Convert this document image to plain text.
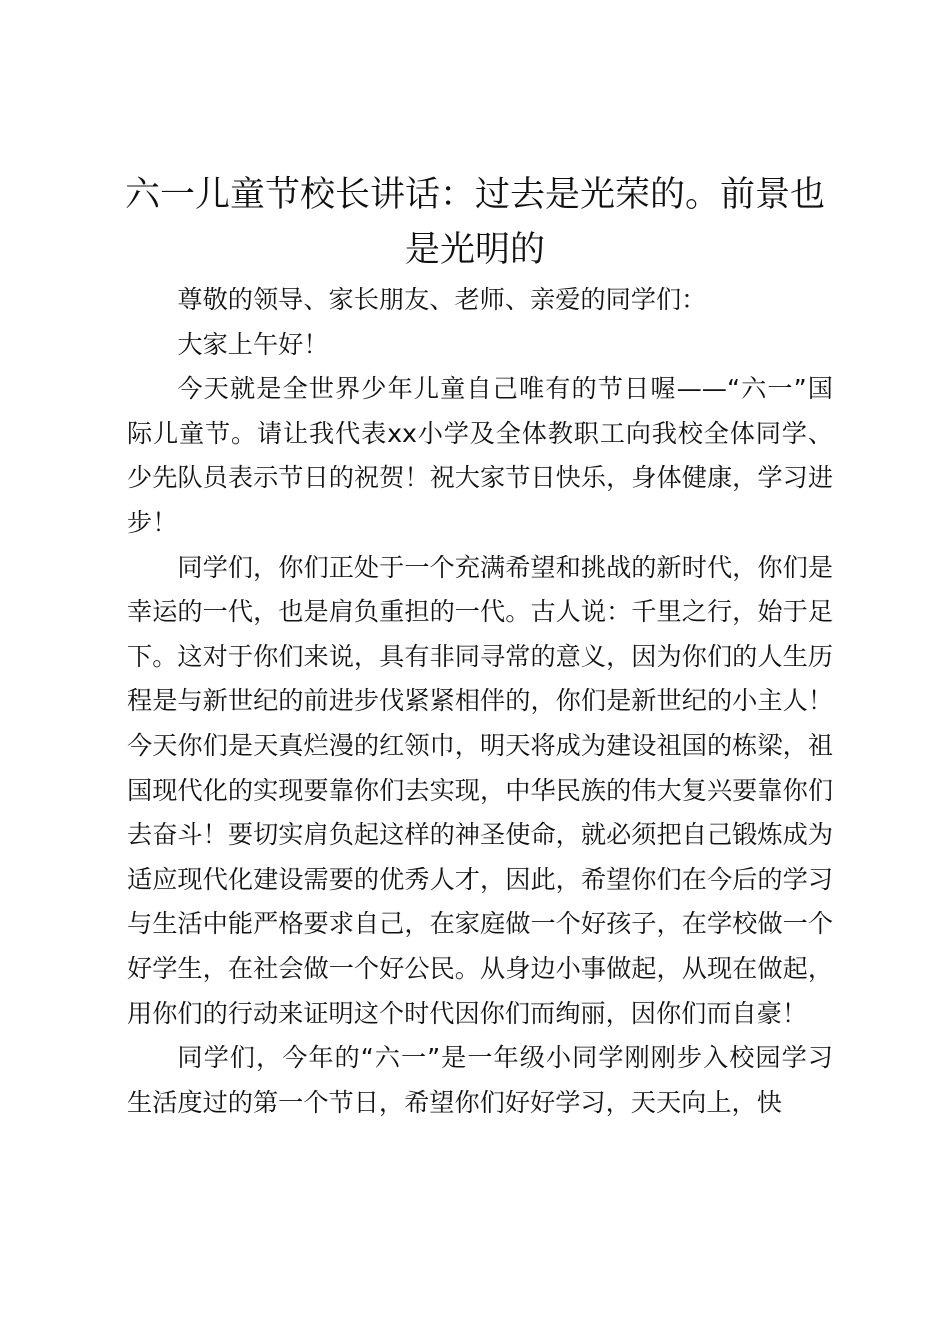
六一儿童节校长讲话：过去是光荣的。前景也是光明的

尊敬的领导、家长朋友、老师、亲爱的同学们：

大家上午好！

今天就是全世界少年儿童自己唯有的节日喔——“六一”国际儿童节。请让我代表xx小学及全体教职工向我校全体同学、少先队员表示节日的祝贺！祝大家节日快乐，身体健康，学习进步！

同学们，你们正处于一个充满希望和挑战的新时代，你们是幸运的一代，也是肩负重担的一代。古人说：千里之行，始于足下。这对于你们来说，具有非同寻常的意义，因为你们的人生历程是与新世纪的前进步伐紧紧相伴的，你们是新世纪的小主人！今天你们是天真烂漫的红领巾，明天将成为建设祖国的栋梁，祖国现代化的实现要靠你们去实现，中华民族的伟大复兴要靠你们去奋斗！要切实肩负起这样的神圣使命，就必须把自己锻炼成为适应现代化建设需要的优秀人才，因此，希望你们在今后的学习与生活中能严格要求自己，在家庭做一个好孩子，在学校做一个好学生，在社会做一个好公民。从身边小事做起，从现在做起，用你们的行动来证明这个时代因你们而绚丽，因你们而自豪！

同学们，今年的“六一”是一年级小同学刚刚步入校园学习生活度过的第一个节日，希望你们好好学习，天天向上，快
